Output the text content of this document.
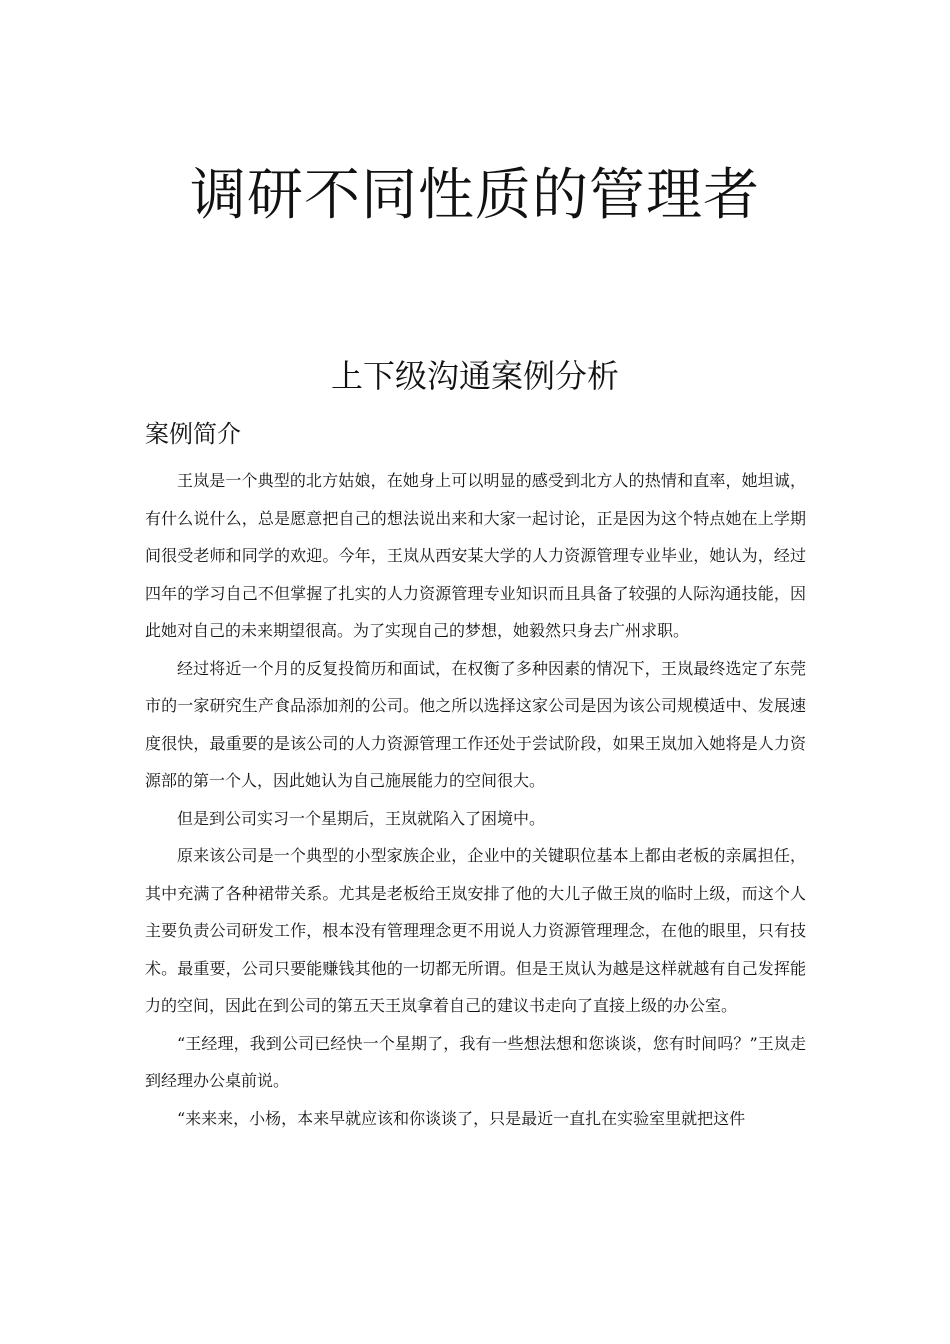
调研不同性质的管理者
上下级沟通案例分析
案例简介

王岚是一个典型的北方姑娘，在她身上可以明显的感受到北方人的热情和直率，她坦诚，有什么说什么，总是愿意把自己的想法说出来和大家一起讨论，正是因为这个特点她在上学期间很受老师和同学的欢迎。今年，王岚从西安某大学的人力资源管理专业毕业，她认为，经过四年的学习自己不但掌握了扎实的人力资源管理专业知识而且具备了较强的人际沟通技能，因此她对自己的未来期望很高。为了实现自己的梦想，她毅然只身去广州求职。

经过将近一个月的反复投简历和面试，在权衡了多种因素的情况下，王岚最终选定了东莞市的一家研究生产食品添加剂的公司。他之所以选择这家公司是因为该公司规模适中、发展速度很快，最重要的是该公司的人力资源管理工作还处于尝试阶段，如果王岚加入她将是人力资源部的第一个人，因此她认为自己施展能力的空间很大。

但是到公司实习一个星期后，王岚就陷入了困境中。

原来该公司是一个典型的小型家族企业，企业中的关键职位基本上都由老板的亲属担任，其中充满了各种裙带关系。尤其是老板给王岚安排了他的大儿子做王岚的临时上级，而这个人主要负责公司研发工作，根本没有管理理念更不用说人力资源管理理念，在他的眼里，只有技术。最重要，公司只要能赚钱其他的一切都无所谓。但是王岚认为越是这样就越有自己发挥能力的空间，因此在到公司的第五天王岚拿着自己的建议书走向了直接上级的办公室。

“王经理，我到公司已经快一个星期了，我有一些想法想和您谈谈，您有时间吗？”王岚走到经理办公桌前说。

“来来来，小杨，本来早就应该和你谈谈了，只是最近一直扎在实验室里就把这件
